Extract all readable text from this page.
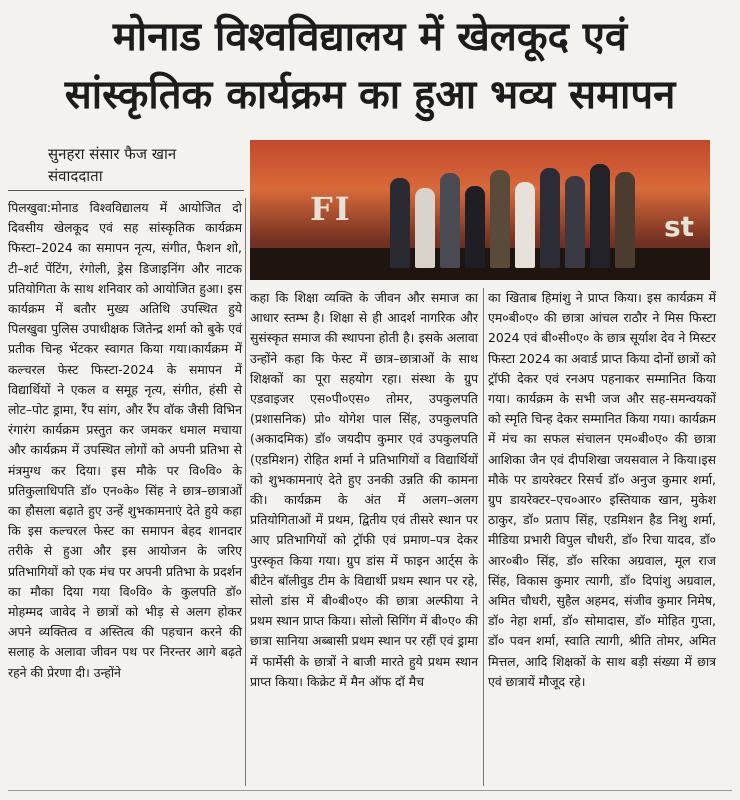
मोनाड विश्वविद्यालय में खेलकूद एवं
सांस्कृतिक कार्यक्रम का हुआ भव्य समापन
सुनहरा संसार फैज खान
संवाददाता
FI	st

पिलखुवा:मोनाड विश्वविद्यालय में आयोजित दो दिवसीय खेलकूद एवं सह सांस्कृतिक कार्यक्रम फिस्टा–2024 का समापन नृत्य, संगीत, फैशन शो, टी–शर्ट पेंटिंग, रंगोली, ड्रेस डिजाइनिंग और नाटक प्रतियोगिता के साथ शनिवार को आयोजित हुआ। इस कार्यक्रम में बतौर मुख्य अतिथि उपस्थित हुये पिलखुवा पुलिस उपाधीक्षक जितेन्द्र शर्मा को बुके एवं प्रतीक चिन्ह भेंटकर स्वागत किया गया।कार्यक्रम में कल्चरल फेस्ट फिस्टा-2024 के समापन में विद्यार्थियों ने एकल व समूह नृत्य, संगीत, हंसी से लोट–पोट ड्रामा, रैंप सांग, और रैंप वॉक जैसी विभिन रंगारंग कार्यक्रम प्रस्तुत कर जमकर धमाल मचाया और कार्यक्रम में उपस्थित लोगों को अपनी प्रतिभा से मंत्रमुग्ध कर दिया। इस मौके पर वि०वि० के प्रतिकुलाधिपति डॉ० एन०के० सिंह ने छात्र–छात्राओं का हौसला बढ़ाते हुए उन्हें शुभकामनाएं देते हुये कहा कि इस कल्चरल फेस्ट का समापन बेहद शानदार तरीके से हुआ और इस आयोजन के जरिए प्रतिभागियों को एक मंच पर अपनी प्रतिभा के प्रदर्शन का मौका दिया गया वि०वि० के कुलपति डॉ० मोहम्मद जावेद ने छात्रों को भीड़ से अलग होकर अपने व्यक्तित्व व अस्तित्व की पहचान करने की सलाह के अलावा जीवन पथ पर निरन्तर आगे बढ़ते रहने की प्रेरणा दी। उन्होंने

कहा कि शिक्षा व्यक्ति के जीवन और समाज का आधार स्तम्भ है। शिक्षा से ही आदर्श नागरिक और सुसंस्कृत समाज की स्थापना होती है। इसके अलावा उन्होंने कहा कि फेस्ट में छात्र–छात्राओं के साथ शिक्षकों का पूरा सहयोग रहा। संस्था के ग्रुप एडवाइजर एस०पी०एस० तोमर, उपकुलपति (प्रशासनिक) प्रो० योगेश पाल सिंह, उपकुलपति (अकादमिक) डॉ० जयदीप कुमार एवं उपकुलपति (एडमिशन) रोहित शर्मा ने प्रतिभागियों व विद्यार्थियों को शुभकामनाएं देते हुए उनकी उन्नति की कामना की। कार्यक्रम के अंत में अलग–अलग प्रतियोगिताओं में प्रथम, द्वितीय एवं तीसरे स्थान पर आए प्रतिभागियों को ट्रॉफी एवं प्रमाण–पत्र देकर पुरस्कृत किया गया। ग्रुप डांस में फाइन आर्ट्स के बीटेन बॉलीवुड टीम के विद्यार्थी प्रथम स्थान पर रहे, सोलो डांस में बी०बी०ए० की छात्रा अल्फीया ने प्रथम स्थान प्राप्त किया। सोलो सिगिंग में बी०ए० की छात्रा सानिया अब्बासी प्रथम स्थान पर रहीं एवं ड्रामा में फार्मेसी के छात्रों ने बाजी मारते हुये प्रथम स्थान प्राप्त किया। किक्रेट में मैन ऑफ दॉ मैच

का खिताब हिमांशु ने प्राप्त किया। इस कार्यक्रम में एम०बी०ए० की छात्रा आंचल राठौर ने मिस फिस्टा 2024 एवं बी०सी०ए० के छात्र सूर्याश देव ने मिस्टर फिस्टा 2024 का अवार्ड प्राप्त किया दोनों छात्रों को ट्रॉफी देकर एवं रनअप पहनाकर सम्मानित किया गया। कार्यक्रम के सभी जज और सह-समन्वयकों को स्मृति चिन्ह देकर सम्मानित किया गया। कार्यक्रम में मंच का सफल संचालन एम०बी०ए० की छात्रा आशिका जैन एवं दीपशिखा जयसवाल ने किया।इस मौके पर डायरेक्टर रिसर्च डॉ० अनुज कुमार शर्मा, ग्रुप डायरेक्टर–एच०आर० इस्तियाक खान, मुकेश ठाकुर, डॉ० प्रताप सिंह, एडमिशन हैड निशु शर्मा, मीडिया प्रभारी विपुल चौधरी, डॉ० रिचा यादव, डॉ० आर०बी० सिंह, डॉ० सरिका अग्रवाल, मूल राज सिंह, विकास कुमार त्यागी, डॉ० दिपांशु अग्रवाल, अमित चौधरी, सुहैल अहमद, संजीव कुमार निमेष, डॉ० नेहा शर्मा, डॉ० सोमादास, डॉ० मोहित गुप्ता, डॉ० पवन शर्मा, स्वाति त्यागी, श्रीति तोमर, अमित मित्तल, आदि शिक्षकों के साथ बड़ी संख्या में छात्र एवं छात्रायें मौजूद रहे।
